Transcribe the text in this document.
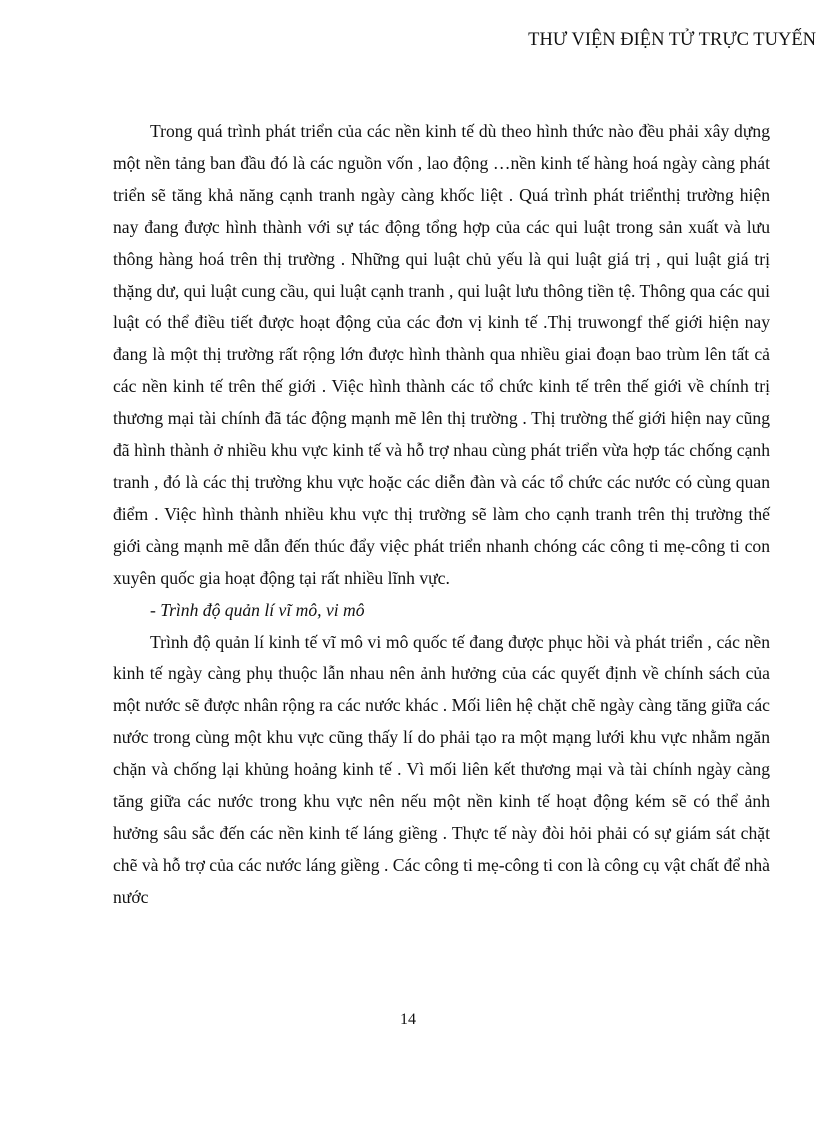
THƯ VIỆN ĐIỆN TỬ TRỰC TUYẾN

Trong quá trình phát triển của các nền kinh tế dù theo hình thức nào đều phải xây dựng một nền tảng ban đầu đó là các nguồn vốn , lao động …nền kinh tế hàng hoá ngày càng phát triển sẽ tăng khả năng cạnh tranh ngày càng khốc liệt . Quá trình phát triểnthị trường hiện nay đang được hình thành với sự tác động tổng hợp của các qui luật trong sản xuất và lưu thông hàng hoá trên thị trường . Những qui luật chủ yếu là qui luật giá trị , qui luật giá trị thặng dư, qui luật cung cầu, qui luật cạnh tranh , qui luật lưu thông tiền tệ. Thông qua các qui luật có thể điều tiết được hoạt động của các đơn vị kinh tế .Thị truwongf thế giới hiện nay đang là một thị trường rất rộng lớn được hình thành qua nhiều giai đoạn bao trùm lên tất cả các nền kinh tế trên thế giới . Việc hình thành các tổ chức kinh tế trên thế giới về chính trị thương mại tài chính đã tác động mạnh mẽ lên thị trường . Thị trường thế giới hiện nay cũng đã hình thành ở nhiều khu vực kinh tế và hỗ trợ nhau cùng phát triển vừa hợp tác chống cạnh tranh , đó là các thị trường khu vực hoặc các diễn đàn và các tổ chức các nước có cùng quan điểm . Việc hình thành nhiều khu vực thị trường sẽ làm cho cạnh tranh trên thị trường thế giới càng mạnh mẽ dẫn đến thúc đẩy việc phát triển nhanh chóng các công ti mẹ-công ti con xuyên quốc gia hoạt động tại rất nhiều lĩnh vực.

- Trình độ quản lí vĩ mô, vi mô

Trình độ quản lí kinh tế vĩ mô vi mô quốc tế đang được phục hồi và phát triển , các nền kinh tế ngày càng phụ thuộc lẫn nhau nên ảnh hưởng của các quyết định về chính sách của một nước sẽ được nhân rộng ra các nước khác . Mối liên hệ chặt chẽ ngày càng tăng giữa các nước trong cùng một khu vực cũng thấy lí do phải tạo ra một mạng lưới khu vực nhằm ngăn chặn và chống lại khủng hoảng kinh tế . Vì mối liên kết thương mại và tài chính ngày càng tăng giữa các nước trong khu vực nên nếu một nền kinh tế hoạt động kém sẽ có thể ảnh hưởng sâu sắc đến các nền kinh tế láng giềng . Thực tế này đòi hỏi phải có sự giám sát chặt chẽ và hỗ trợ của các nước láng giềng . Các công ti mẹ-công ti con là công cụ vật chất để nhà nước

14
